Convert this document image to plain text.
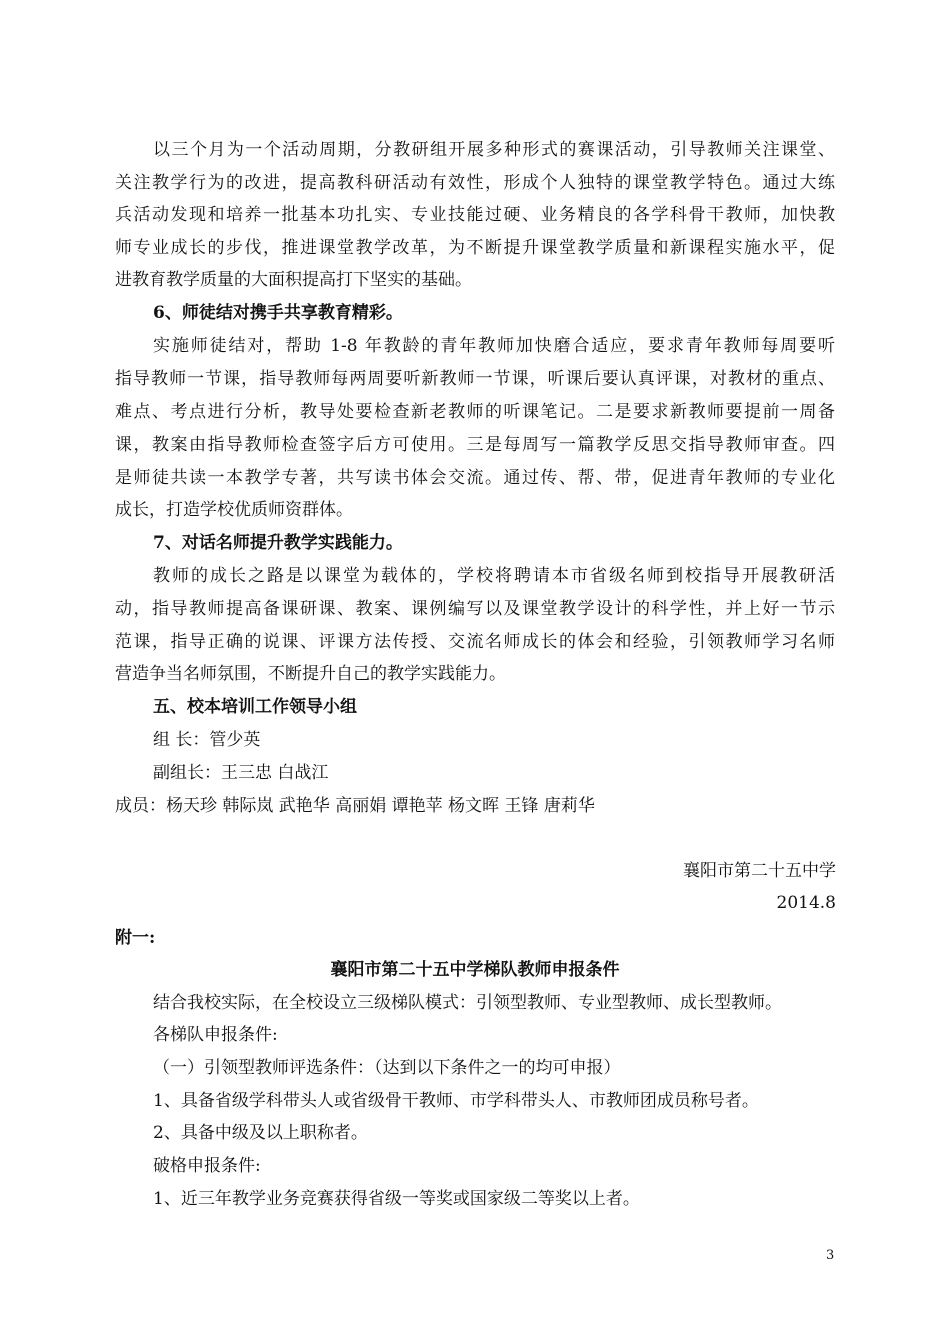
以三个月为一个活动周期，分教研组开展多种形式的赛课活动，引导教师关注课堂、
关注教学行为的改进，提高教科研活动有效性，形成个人独特的课堂教学特色。通过大练
兵活动发现和培养一批基本功扎实、专业技能过硬、业务精良的各学科骨干教师，加快教
师专业成长的步伐，推进课堂教学改革，为不断提升课堂教学质量和新课程实施水平，促
进教育教学质量的大面积提高打下坚实的基础。
6、师徒结对携手共享教育精彩。
实施师徒结对，帮助 1-8 年教龄的青年教师加快磨合适应，要求青年教师每周要听
指导教师一节课，指导教师每两周要听新教师一节课，听课后要认真评课，对教材的重点、
难点、考点进行分析，教导处要检查新老教师的听课笔记。二是要求新教师要提前一周备
课，教案由指导教师检查签字后方可使用。三是每周写一篇教学反思交指导教师审查。四
是师徒共读一本教学专著，共写读书体会交流。通过传、帮、带，促进青年教师的专业化
成长，打造学校优质师资群体。
7、对话名师提升教学实践能力。
教师的成长之路是以课堂为载体的，学校将聘请本市省级名师到校指导开展教研活
动，指导教师提高备课研课、教案、课例编写以及课堂教学设计的科学性，并上好一节示
范课，指导正确的说课、评课方法传授、交流名师成长的体会和经验，引领教师学习名师
营造争当名师氛围，不断提升自己的教学实践能力。
五、校本培训工作领导小组
组 长：管少英
副组长：王三忠 白战江
成员：杨天珍 韩际岚 武艳华 高丽娟 谭艳苹 杨文晖 王锋 唐莉华
襄阳市第二十五中学
2014.8
附一:
襄阳市第二十五中学梯队教师申报条件
结合我校实际，在全校设立三级梯队模式：引领型教师、专业型教师、成长型教师。
各梯队申报条件:
（一）引领型教师评选条件：（达到以下条件之一的均可申报）
1、具备省级学科带头人或省级骨干教师、市学科带头人、市教师团成员称号者。
2、具备中级及以上职称者。
破格申报条件:
1、近三年教学业务竞赛获得省级一等奖或国家级二等奖以上者。
3
